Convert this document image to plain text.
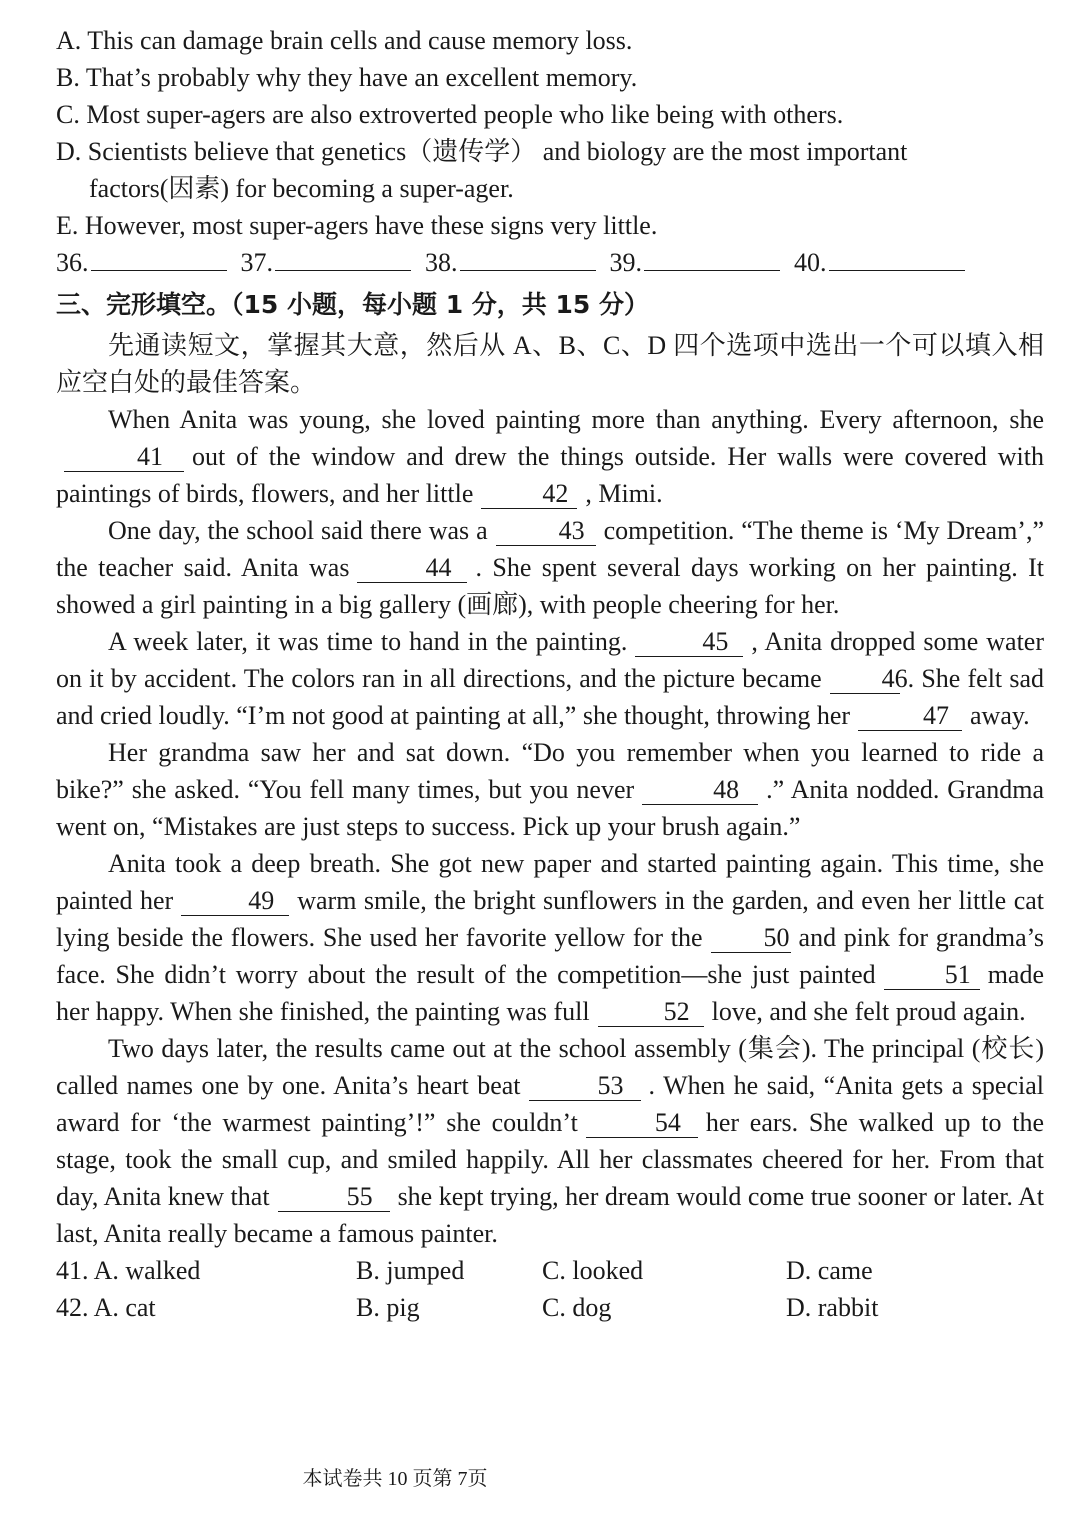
A. This can damage brain cells and cause memory loss.
B. That’s probably why they have an excellent memory.
C. Most super-agers are also extroverted people who like being with others.
D. Scientists believe that genetics（遗传学） and biology are the most important
factors(因素) for becoming a super-ager.
E. However, most super-agers have these signs very little.
36.	37.	38.	39.	40.
三、完形填空。（15 小题，每小题 1 分，共 15 分）

先通读短文，掌握其大意，然后从 A、B、C、D 四个选项中选出一个可以填入相应空白处的最佳答案。

When Anita was young, she loved painting more than anything. Every afternoon, she41 out of the window and drew the things outside. Her walls were covered with paintings of birds, flowers, and her little	42 , Mimi.

One day, the school said there was a	43 competition. “The theme is ‘My Dream’,” the teacher said. Anita was	44 . She spent several days working on her painting. It showed a girl painting in a big gallery (画廊), with people cheering for her.

A week later, it was time to hand in the painting.	45 , Anita dropped some water on it by accident. The colors ran in all directions, and the picture became 46. She felt sad and cried loudly. “I’m not good at painting at all,” she thought, throwing her	47 away.

Her grandma saw her and sat down. “Do you remember when you learned to ride a bike?” she asked. “You fell many times, but you never	48 .” Anita nodded. Grandma went on, “Mistakes are just steps to success. Pick up your brush again.”

Anita took a deep breath. She got new paper and started painting again. This time, she painted her	49 warm smile, the bright sunflowers in the garden, and even her little cat lying beside the flowers. She used her favorite yellow for the 50 and pink for grandma’s face. She didn’t worry about the result of the competition—she just painted	51 made her happy. When she finished, the painting was full	52 love, and she felt proud again.

Two days later, the results came out at the school assembly (集会). The principal (校长) called names one by one. Anita’s heart beat	53 . When he said, “Anita gets a special award for ‘the warmest painting’!” she couldn’t	54 her ears. She walked up to the stage, took the small cup, and smiled happily. All her classmates cheered for her. From that day, Anita knew that	55 she kept trying, her dream would come true sooner or later. At last, Anita really became a famous painter.

41. A. walked	B. jumped	C. looked	D. came
42. A. cat	B. pig	C. dog	D. rabbit
本试卷共 10 页第 7页
